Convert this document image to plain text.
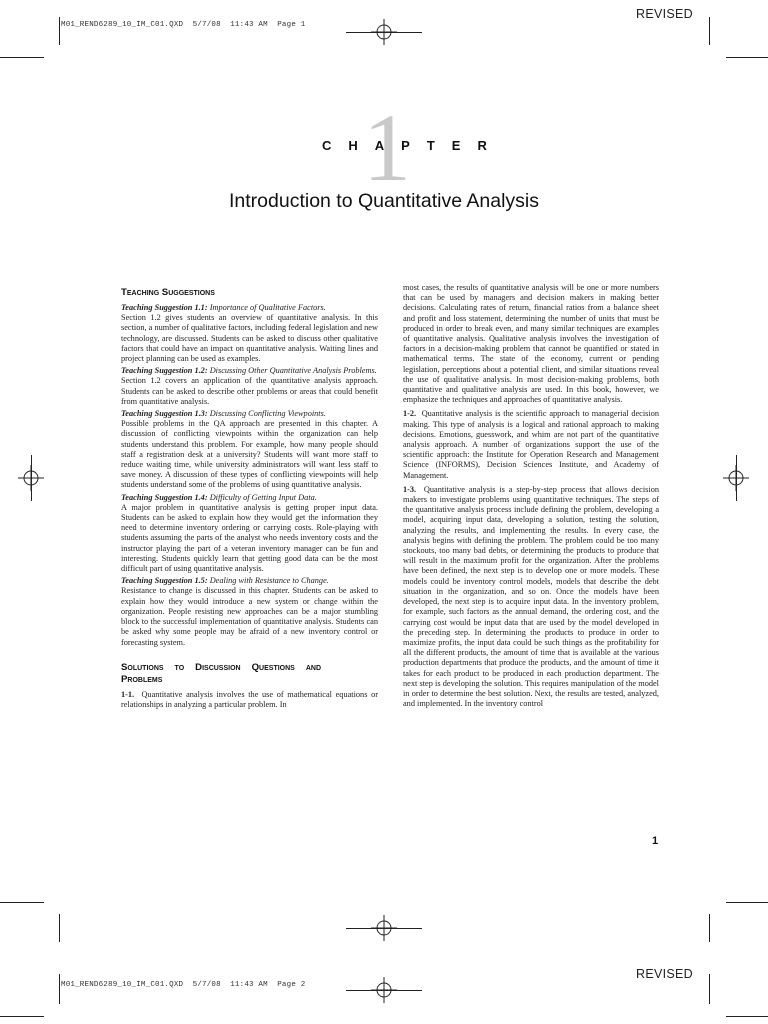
M01_REND6289_10_IM_C01.QXD  5/7/08  11:43 AM  Page 1
REVISED
M01_REND6289_10_IM_C01.QXD  5/7/08  11:43 AM  Page 2
REVISED
1
CHAPTER
Introduction to Quantitative Analysis
Teaching Suggestions

Teaching Suggestion 1.1: Importance of Qualitative Factors.
Section 1.2 gives students an overview of quantitative analysis. In this section, a number of qualitative factors, including federal legislation and new technology, are discussed. Students can be asked to discuss other qualitative factors that could have an impact on quantitative analysis. Waiting lines and project planning can be used as examples.

Teaching Suggestion 1.2: Discussing Other Quantitative Analysis Problems.
Section 1.2 covers an application of the quantitative analysis approach. Students can be asked to describe other problems or areas that could benefit from quantitative analysis.

Teaching Suggestion 1.3: Discussing Conflicting Viewpoints.
Possible problems in the QA approach are presented in this chapter. A discussion of conflicting viewpoints within the organization can help students understand this problem. For example, how many people should staff a registration desk at a university? Students will want more staff to reduce waiting time, while university administrators will want less staff to save money. A discussion of these types of conflicting viewpoints will help students understand some of the problems of using quantitative analysis.

Teaching Suggestion 1.4: Difficulty of Getting Input Data.
A major problem in quantitative analysis is getting proper input data. Students can be asked to explain how they would get the information they need to determine inventory ordering or carrying costs. Role-playing with students assuming the parts of the analyst who needs inventory costs and the instructor playing the part of a veteran inventory manager can be fun and interesting. Students quickly learn that getting good data can be the most difficult part of using quantitative analysis.

Teaching Suggestion 1.5: Dealing with Resistance to Change.
Resistance to change is discussed in this chapter. Students can be asked to explain how they would introduce a new system or change within the organization. People resisting new approaches can be a major stumbling block to the successful implementation of quantitative analysis. Students can be asked why some people may be afraid of a new inventory control or forecasting system.

Solutions to Discussion Questions and Problems

1-1. Quantitative analysis involves the use of mathematical equations or relationships in analyzing a particular problem. In

most cases, the results of quantitative analysis will be one or more numbers that can be used by managers and decision makers in making better decisions. Calculating rates of return, financial ratios from a balance sheet and profit and loss statement, determining the number of units that must be produced in order to break even, and many similar techniques are examples of quantitative analysis. Qualitative analysis involves the investigation of factors in a decision-making problem that cannot be quantified or stated in mathematical terms. The state of the economy, current or pending legislation, perceptions about a potential client, and similar situations reveal the use of qualitative analysis. In most decision-making problems, both quantitative and qualitative analysis are used. In this book, however, we emphasize the techniques and approaches of quantitative analysis.

1-2. Quantitative analysis is the scientific approach to managerial decision making. This type of analysis is a logical and rational approach to making decisions. Emotions, guesswork, and whim are not part of the quantitative analysis approach. A number of organizations support the use of the scientific approach: the Institute for Operation Research and Management Science (INFORMS), Decision Sciences Institute, and Academy of Management.

1-3. Quantitative analysis is a step-by-step process that allows decision makers to investigate problems using quantitative techniques. The steps of the quantitative analysis process include defining the problem, developing a model, acquiring input data, developing a solution, testing the solution, analyzing the results, and implementing the results. In every case, the analysis begins with defining the problem. The problem could be too many stockouts, too many bad debts, or determining the products to produce that will result in the maximum profit for the organization. After the problems have been defined, the next step is to develop one or more models. These models could be inventory control models, models that describe the debt situation in the organization, and so on. Once the models have been developed, the next step is to acquire input data. In the inventory problem, for example, such factors as the annual demand, the ordering cost, and the carrying cost would be input data that are used by the model developed in the preceding step. In determining the products to produce in order to maximize profits, the input data could be such things as the profitability for all the different products, the amount of time that is available at the various production departments that produce the products, and the amount of time it takes for each product to be produced in each production department. The next step is developing the solution. This requires manipulation of the model in order to determine the best solution. Next, the results are tested, analyzed, and implemented. In the inventory control

1
